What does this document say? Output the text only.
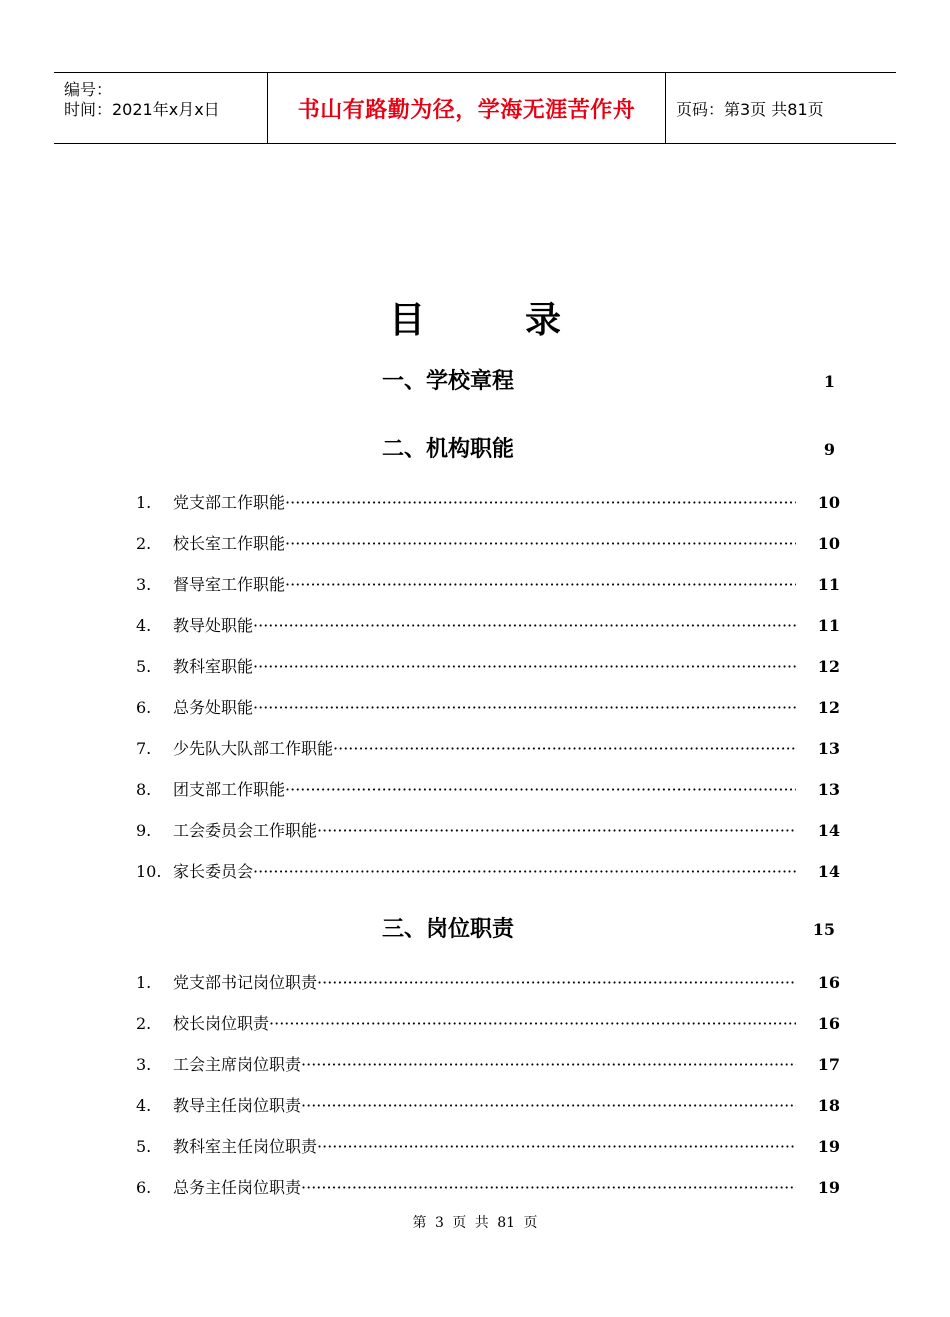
编号：
时间：2021年x月x日	书山有路勤为径，学海无涯苦作舟	页码：第3页 共81页
目录
一、学校章程	1
二、机构职能	9
1. 党支部工作职能 ·····	10
2. 校长室工作职能 ·····	10
3. 督导室工作职能 ·····	11
4. 教导处职能 ·····	11
5. 教科室职能 ·····	12
6. 总务处职能 ·····	12
7. 少先队大队部工作职能 ·····	13
8. 团支部工作职能 ·····	13
9. 工会委员会工作职能 ·····	14
10. 家长委员会 ·····	14
三、岗位职责	15
1. 党支部书记岗位职责 ·····	16
2. 校长岗位职责 ·····	16
3. 工会主席岗位职责 ·····	17
4. 教导主任岗位职责 ·····	18
5. 教科室主任岗位职责 ·····	19
6. 总务主任岗位职责 ·····	19
第 3 页 共 81 页
